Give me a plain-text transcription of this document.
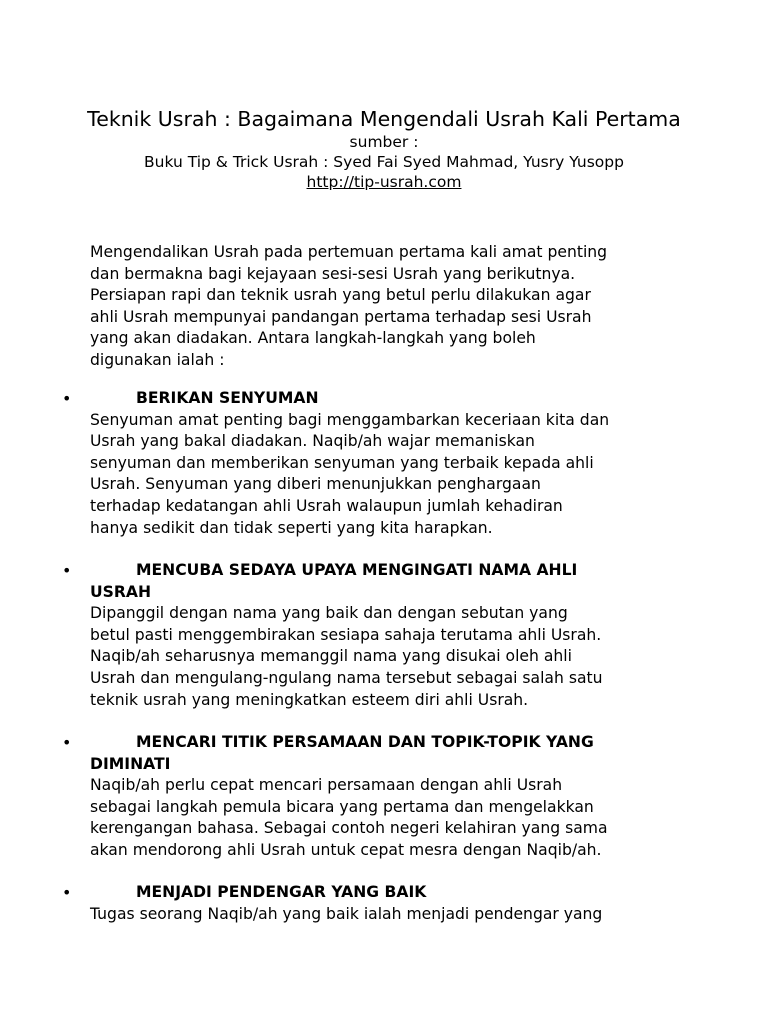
Teknik Usrah : Bagaimana Mengendali Usrah Kali Pertama

sumber :

Buku Tip & Trick Usrah : Syed Fai Syed Mahmad, Yusry Yusopp

http://tip-usrah.com

Mengendalikan Usrah pada pertemuan pertama kali amat penting
dan bermakna bagi kejayaan sesi-sesi Usrah yang berikutnya.
Persiapan rapi dan teknik usrah yang betul perlu dilakukan agar
ahli Usrah mempunyai pandangan pertama terhadap sesi Usrah
yang akan diadakan. Antara langkah-langkah yang boleh
digunakan ialah :

•	BERIKAN SENYUMAN

Senyuman amat penting bagi menggambarkan keceriaan kita dan
Usrah yang bakal diadakan. Naqib/ah wajar memaniskan
senyuman dan memberikan senyuman yang terbaik kepada ahli
Usrah. Senyuman yang diberi menunjukkan penghargaan
terhadap kedatangan ahli Usrah walaupun jumlah kehadiran
hanya sedikit dan tidak seperti yang kita harapkan.

•	MENCUBA SEDAYA UPAYA MENGINGATI NAMA AHLI
USRAH

Dipanggil dengan nama yang baik dan dengan sebutan yang
betul pasti menggembirakan sesiapa sahaja terutama ahli Usrah.
Naqib/ah seharusnya memanggil nama yang disukai oleh ahli
Usrah dan mengulang-ngulang nama tersebut sebagai salah satu
teknik usrah yang meningkatkan esteem diri ahli Usrah.

•	MENCARI TITIK PERSAMAAN DAN TOPIK-TOPIK YANG
DIMINATI

Naqib/ah perlu cepat mencari persamaan dengan ahli Usrah
sebagai langkah pemula bicara yang pertama dan mengelakkan
kerengangan bahasa. Sebagai contoh negeri kelahiran yang sama
akan mendorong ahli Usrah untuk cepat mesra dengan Naqib/ah.

•	MENJADI PENDENGAR YANG BAIK

Tugas seorang Naqib/ah yang baik ialah menjadi pendengar yang
